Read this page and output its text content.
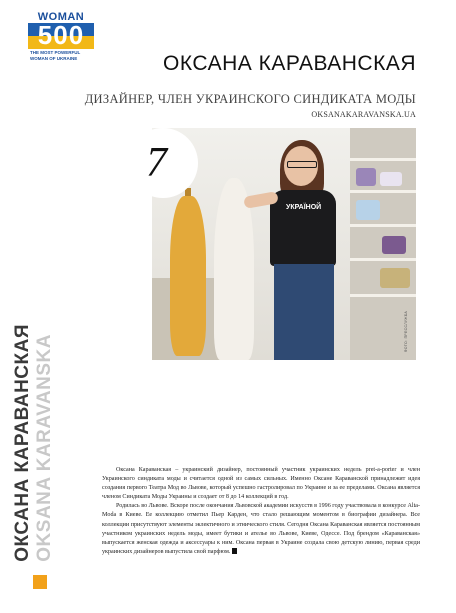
WOMAN
500
THE MOST POWERFUL WOMAN OF UKRAINE	ОКСАНА КАРАВАНСКАЯ
ДИЗАЙНЕР, ЧЛЕН УКРАИНСКОГО СИНДИКАТА МОДЫ
OKSANAKARAVANSKA.UA
УКРАЇНОЙ
ФОТО: ПРЕССЛУЖБА
7
ОКСАНА КАРАВАНСКАЯ OKSANA KARAVANSKA	Оксана Караванская – украинский дизайнер, постоянный участник украинских недель pret-a-porter и член Украинского синдиката моды и считается одной из самых сильных. Именно Оксане Караванской принадлежит идея создания первого Театра Мод во Львове, который успешно гастролировал по Украине и за ее пределами. Оксана является членом Синдиката Моды Украины и создает от 8 до 14 коллекций в год.

Родилась во Львове. Вскоре после окончания Львовской академии искусств в 1996 году участвовала в конкурсе Alta-Moda в Киеве. Ее коллекцию отметил Пьер Карден, что стало решающим моментом в биографии дизайнера. Все коллекции присутствуют элементы эклектичного и этнического стиля. Сегодня Оксана Караванская является постоянным участником украинских недель моды, имеет бутики и ателье во Львове, Киеве, Одессе. Под брендом «Караванская» выпускается женская одежда и аксессуары к ним. Оксана первая в Украине создала свою детскую линию, первая среди украинских дизайнеров выпустила свой парфюм.
